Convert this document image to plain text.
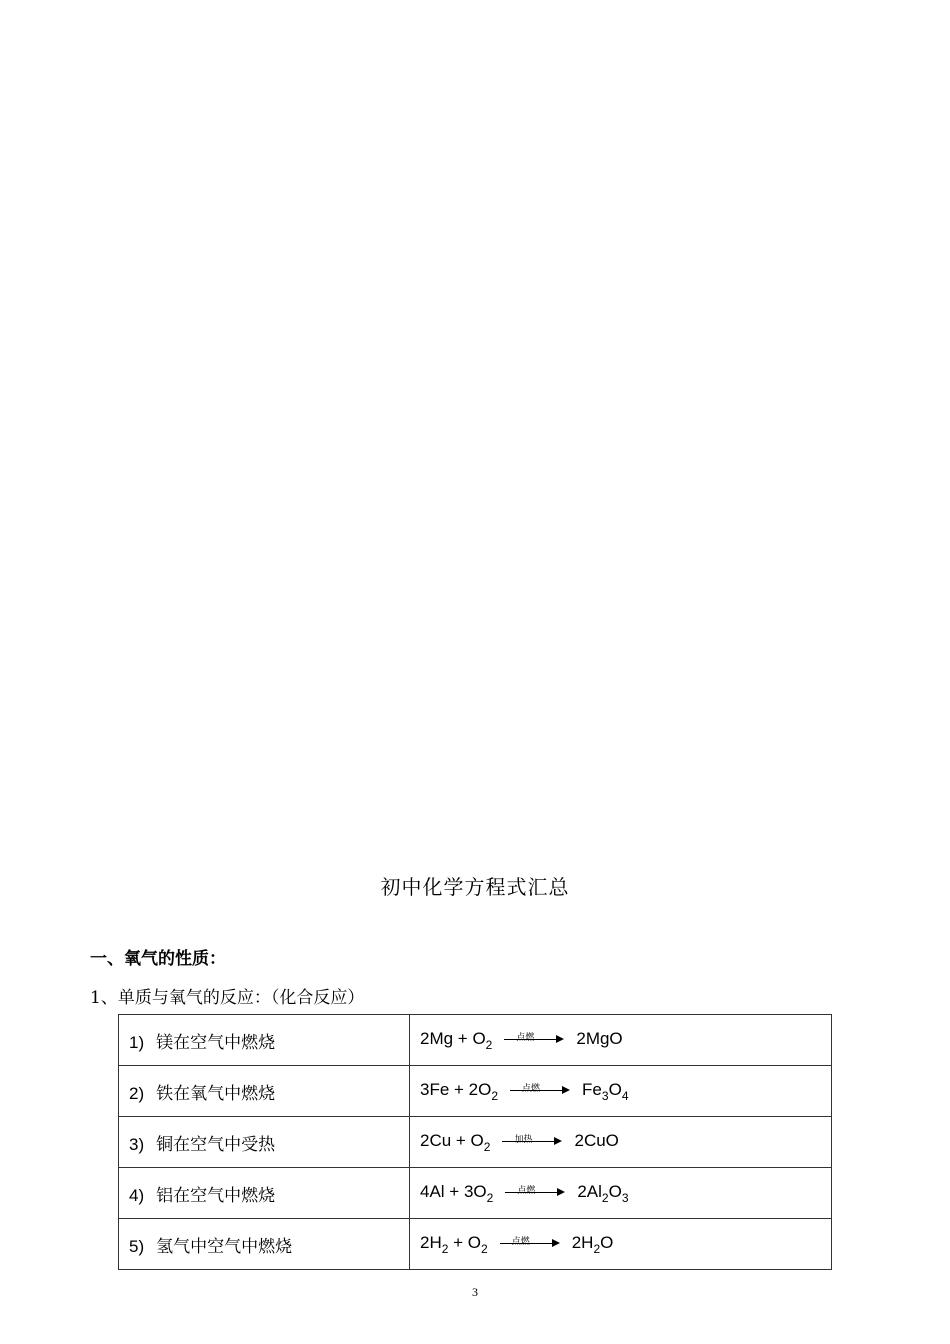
初中化学方程式汇总
一、氧气的性质：
1、单质与氧气的反应：（化合反应）
1) 镁在空气中燃烧	$2Mg + O_2$ 点燃 2MgO
2) 铁在氧气中燃烧	$3Fe + 2O_2$ 点燃 $Fe_3O_4$
3) 铜在空气中受热	$2Cu + O_2$ 加热 2CuO
4) 铝在空气中燃烧	$4Al + 3O_2$ 点燃 $2Al_2O_3$
5) 氢气中空气中燃烧	$2H_2 + O_2$ 点燃 $2H_2O$
3
